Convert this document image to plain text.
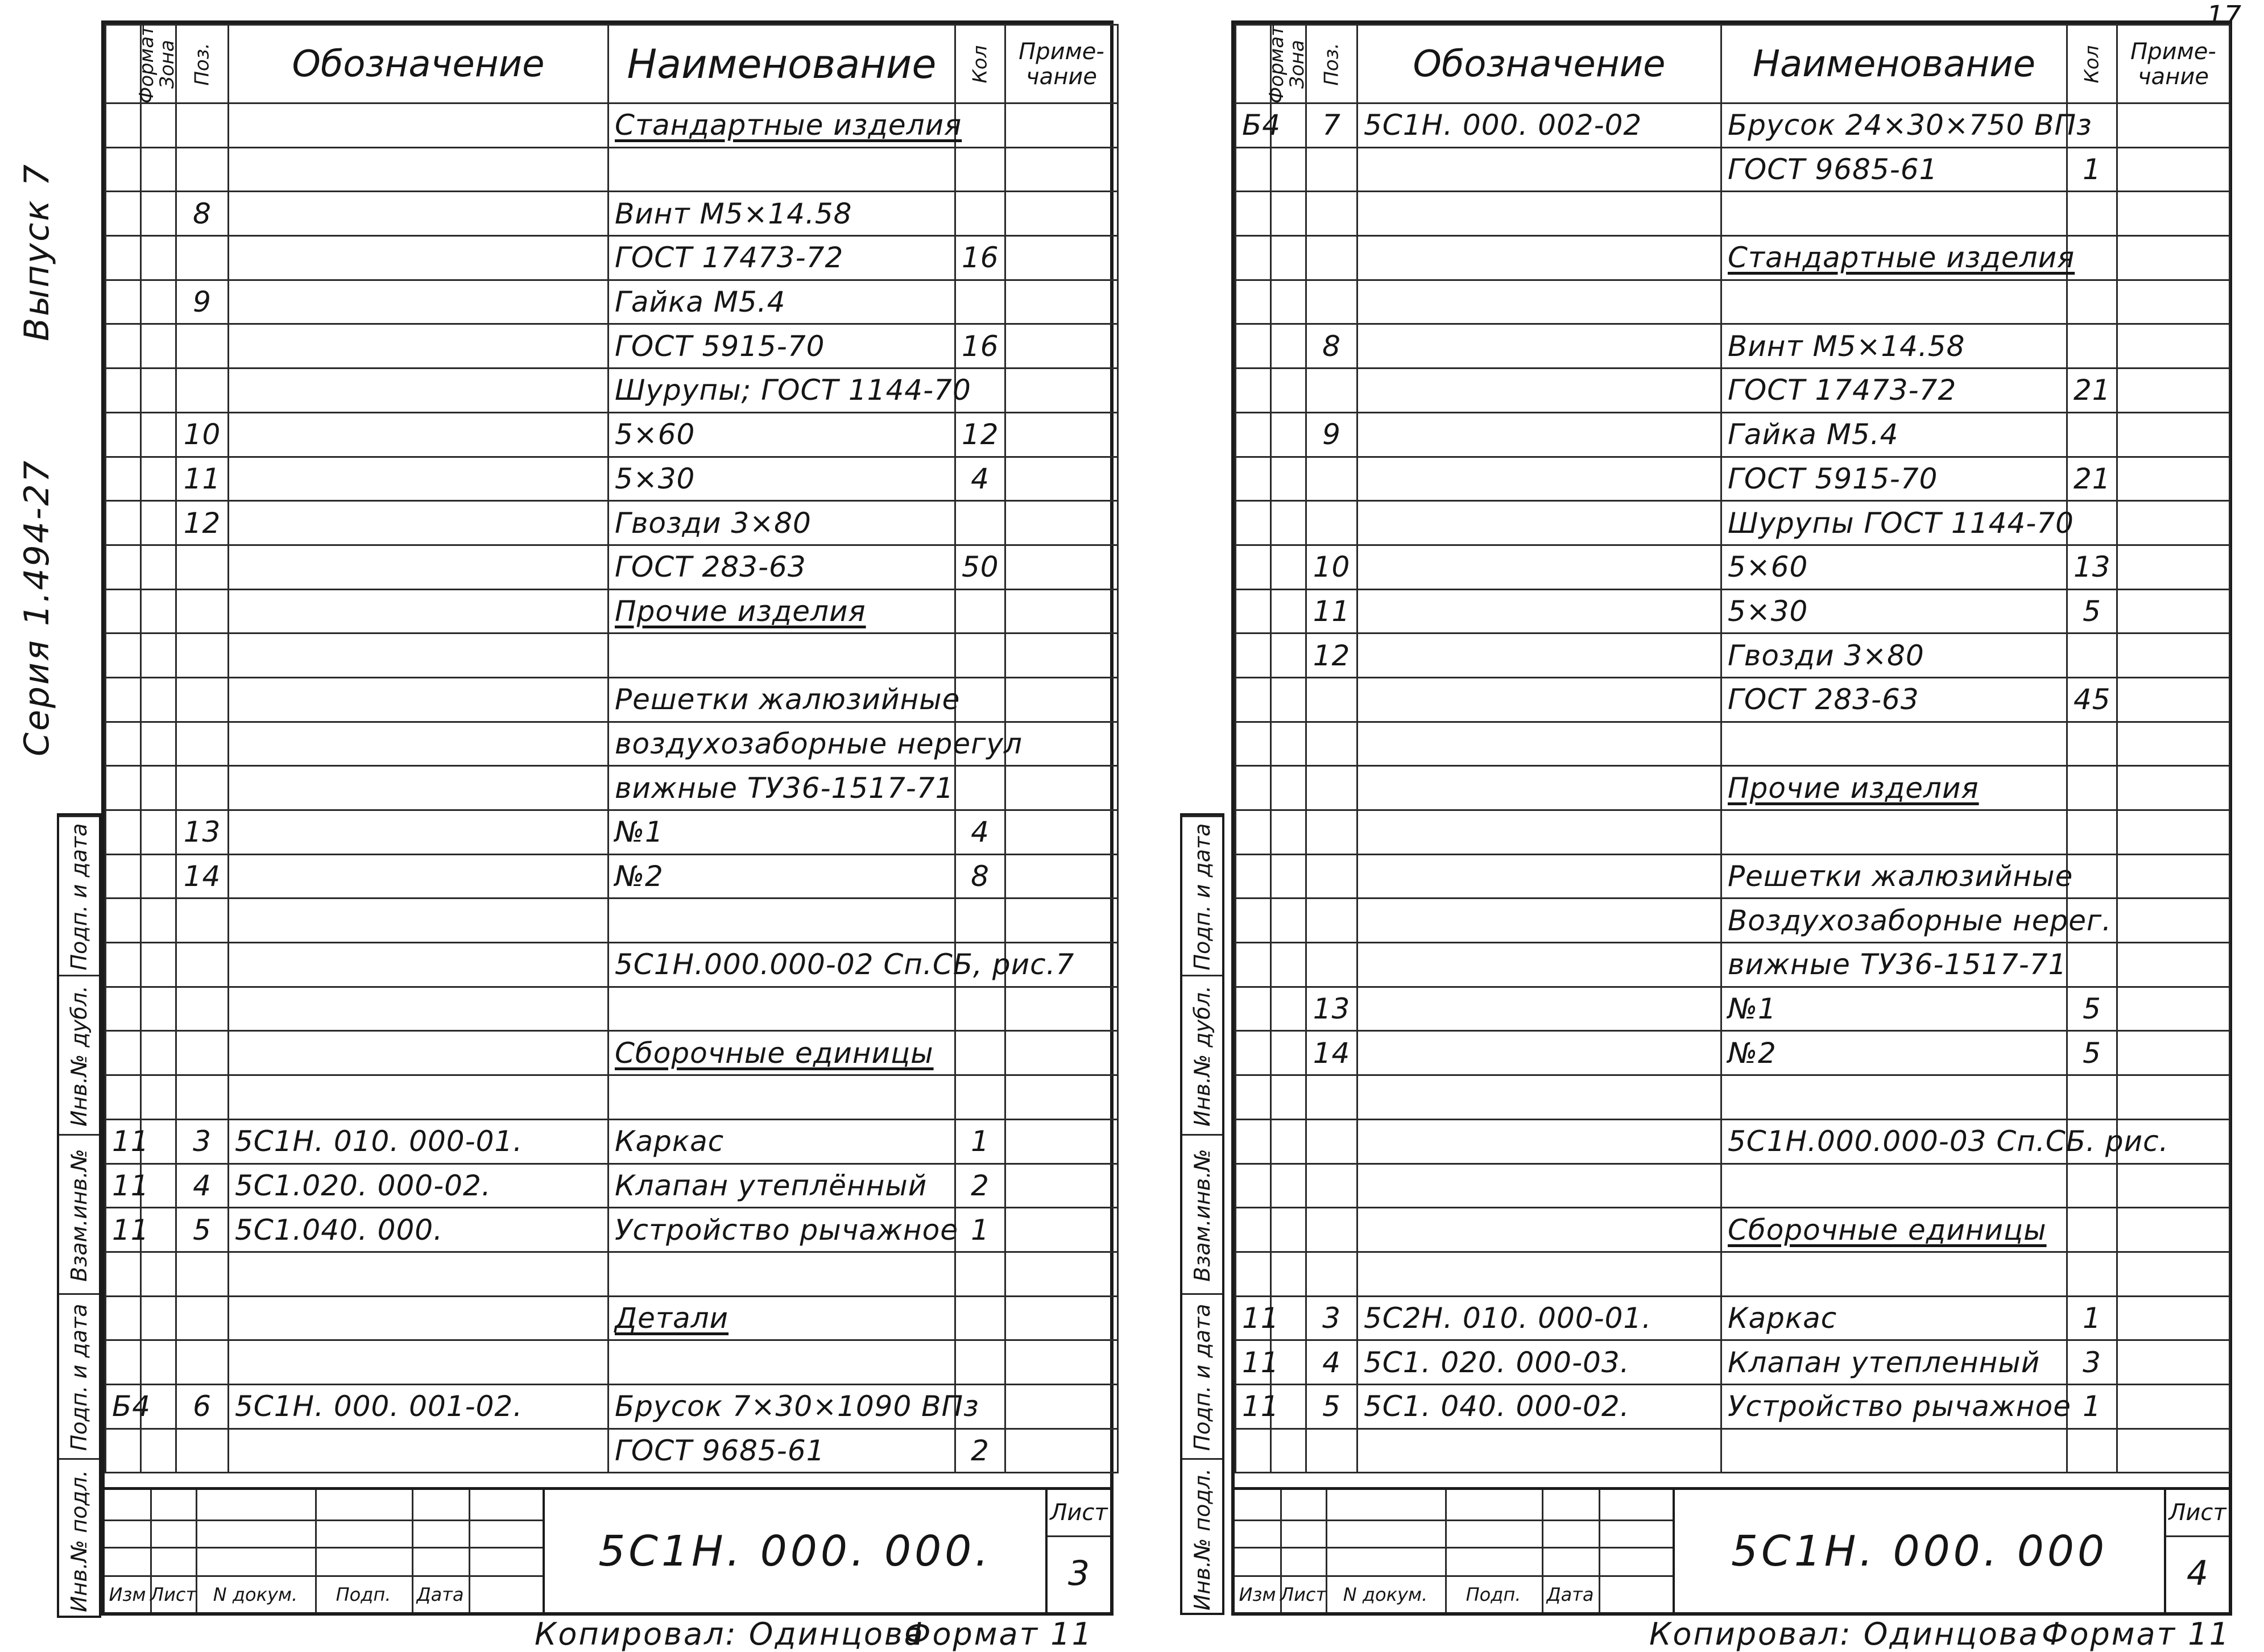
Выпуск 7
Серия 1.494-27
Подп. и дата
Инв.№ дубл.
Взам.инв.№
Подп. и дата
Инв.№ подл.
Формат	Зона	Поз.	Обозначение	Наименование	Кол	Приме-чание
				Стандартные изделия		

		8		Винт М5×14.58		
				ГОСТ 17473-72	16	
		9		Гайка М5.4		
				ГОСТ 5915-70	16	
				Шурупы; ГОСТ 1144-70		
		10		5×60	12	
		11		5×30	4	
		12		Гвозди 3×80		
				ГОСТ 283-63	50	
				Прочие изделия		

				Решетки жалюзийные		
				воздухозаборные нерегул		
				вижные ТУ36-1517-71		
		13		№1	4	
		14		№2	8	

				5С1Н.000.000-02 Сп.СБ, рис.7		

				Сборочные единицы		

11		3	5С1Н. 010. 000-01.	Каркас	1	
11		4	5С1.020. 000-02.	Клапан утеплённый	2	
11		5	5С1.040. 000.	Устройство рычажное	1	

				Детали		

Б4		6	5С1Н. 000. 001-02.	Брусок 7×30×1090 ВПз		
				ГОСТ 9685-61	2	
Изм Лист N докум.	Подп.	Дата
5С1Н. 000. 000.
Лист
3
Копировал: Одинцова
Формат 11
Подп. и дата
Инв.№ дубл.
Взам.инв.№
Подп. и дата
Инв.№ подл.
17
Формат	Зона	Поз.	Обозначение	Наименование	Кол	Приме-чание
Б4		7	5С1Н. 000. 002-02	Брусок 24×30×750 ВПз		
				ГОСТ 9685-61	1	

				Стандартные изделия		

		8		Винт М5×14.58		
				ГОСТ 17473-72	21	
		9		Гайка М5.4		
				ГОСТ 5915-70	21	
				Шурупы ГОСТ 1144-70		
		10		5×60	13	
		11		5×30	5	
		12		Гвозди 3×80		
				ГОСТ 283-63	45	

				Прочие изделия		

				Решетки жалюзийные		
				Воздухозаборные нерег.		
				вижные ТУ36-1517-71		
		13		№1	5	
		14		№2	5	

				5С1Н.000.000-03 Сп.СБ. рис.		

				Сборочные единицы		

11		3	5С2Н. 010. 000-01.	Каркас	1	
11		4	5С1. 020. 000-03.	Клапан утепленный	3	
11		5	5С1. 040. 000-02.	Устройство рычажное	1	

Изм Лист N докум.	Подп.	Дата
5С1Н. 000. 000
Лист
4
Копировал: Одинцова Формат 11
